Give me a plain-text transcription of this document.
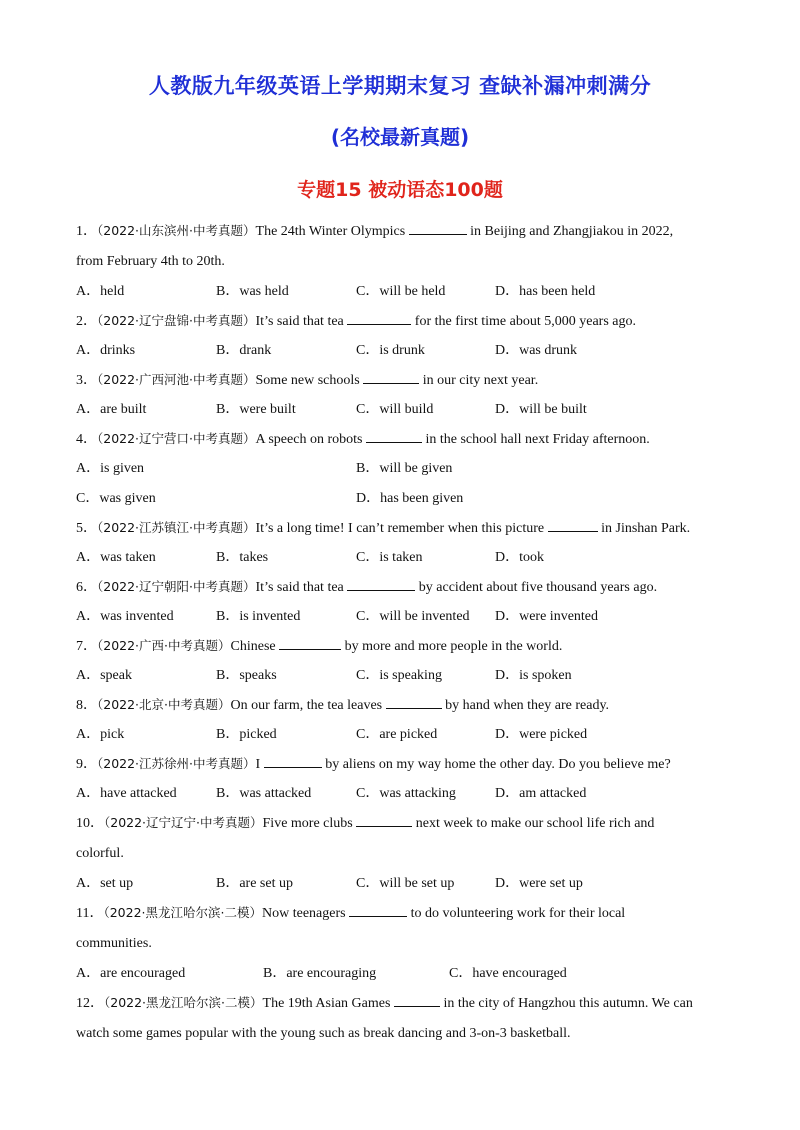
人教版九年级英语上学期期末复习 查缺补漏冲刺满分
(名校最新真题)
专题15 被动语态100题
1．（2022·山东滨州·中考真题）The 24th Winter Olympics	in Beijing and Zhangjiakou in 2022,
from February 4th to 20th.
A．held	B．was held	C．will be held	D．has been held
2．（2022·辽宁盘锦·中考真题）It’s said that tea	for the first time about 5,000 years ago.
A．drinks	B．drank	C．is drunk	D．was drunk
3．（2022·广西河池·中考真题）Some new schools	in our city next year.
A．are built	B．were built	C．will build	D．will be built
4．（2022·辽宁营口·中考真题）A speech on robots	in the school hall next Friday afternoon.
A．is given	B．will be given
C．was given	D．has been given
5．（2022·江苏镇江·中考真题）It’s a long time! I can’t remember when this picture	in Jinshan Park.
A．was taken	B．takes	C．is taken	D．took
6．（2022·辽宁朝阳·中考真题）It’s said that tea	by accident about five thousand years ago.
A．was invented	B．is invented	C．will be invented D．were invented
7．（2022·广西·中考真题）Chinese	by more and more people in the world.
A．speak	B．speaks	C．is speaking	D．is spoken
8．（2022·北京·中考真题）On our farm, the tea leaves	by hand when they are ready.
A．pick	B．picked	C．are picked	D．were picked
9．（2022·江苏徐州·中考真题）I	by aliens on my way home the other day. Do you believe me?
A．have attacked	B．was attacked	C．was attacking	D．am attacked
10．（2022·辽宁辽宁·中考真题）Five more clubs	next week to make our school life rich and
colorful.
A．set up	B．are set up	C．will be set up	D．were set up
11．（2022·黑龙江哈尔滨·二模）Now teenagers	to do volunteering work for their local
communities.
A．are encouraged	B．are encouraging	C．have encouraged
12．（2022·黑龙江哈尔滨·二模）The 19th Asian Games	in the city of Hangzhou this autumn. We can
watch some games popular with the young such as break dancing and 3-on-3 basketball.
